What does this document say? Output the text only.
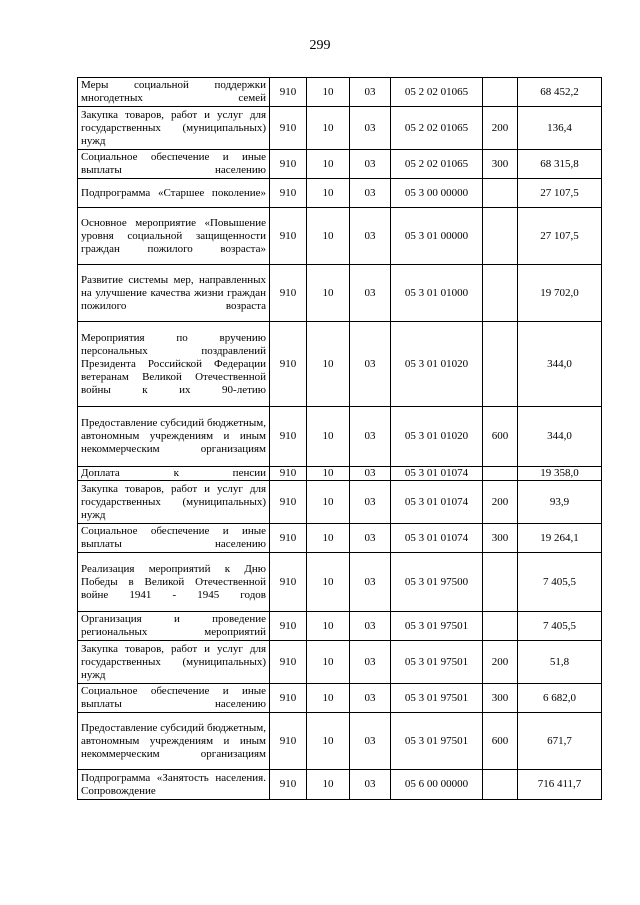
299
Меры социальной поддержки многодетных семей	910	10	03	05 2 02 01065		68 452,2
Закупка товаров, работ и услуг для государственных (муниципальных) нужд	910	10	03	05 2 02 01065	200	136,4
Социальное обеспечение и иные выплаты населению	910	10	03	05 2 02 01065	300	68 315,8
Подпрограмма «Старшее поколение»	910	10	03	05 3 00 00000		27 107,5
Основное мероприятие «Повышение уровня социальной защищенности граждан пожилого возраста»	910	10	03	05 3 01 00000		27 107,5
Развитие системы мер, направленных на улучшение качества жизни граждан пожилого возраста	910	10	03	05 3 01 01000		19 702,0
Мероприятия по вручению персональных поздравлений Президента Российской Федерации ветеранам Великой Отечественной войны к их 90-летию	910	10	03	05 3 01 01020		344,0
Предоставление субсидий бюджетным, автономным учреждениям и иным некоммерческим организациям	910	10	03	05 3 01 01020	600	344,0
Доплата к пенсии	910	10	03	05 3 01 01074		19 358,0
Закупка товаров, работ и услуг для государственных (муниципальных) нужд	910	10	03	05 3 01 01074	200	93,9
Социальное обеспечение и иные выплаты населению	910	10	03	05 3 01 01074	300	19 264,1
Реализация мероприятий к Дню Победы в Великой Отечественной войне 1941 - 1945 годов	910	10	03	05 3 01 97500		7 405,5
Организация и проведение региональных мероприятий	910	10	03	05 3 01 97501		7 405,5
Закупка товаров, работ и услуг для государственных (муниципальных) нужд	910	10	03	05 3 01 97501	200	51,8
Социальное обеспечение и иные выплаты населению	910	10	03	05 3 01 97501	300	6 682,0
Предоставление субсидий бюджетным, автономным учреждениям и иным некоммерческим организациям	910	10	03	05 3 01 97501	600	671,7
Подпрограмма «Занятость населения. Сопровождение	910	10	03	05 6 00 00000		716 411,7
